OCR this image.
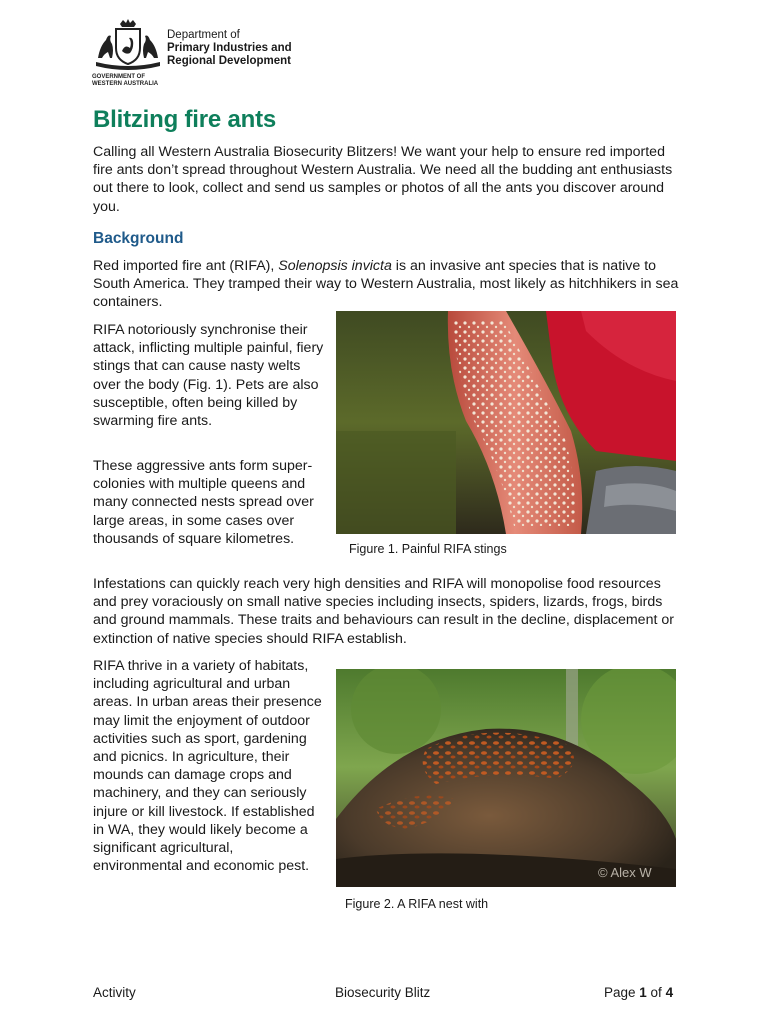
GOVERNMENT OF
WESTERN AUSTRALIA
Department of
Primary Industries and
Regional Development
Blitzing fire ants

Calling all Western Australia Biosecurity Blitzers! We want your help to ensure red imported fire ants don’t spread throughout Western Australia. We need all the budding ant enthusiasts out there to look, collect and send us samples or photos of all the ants you discover around you.

Background

Red imported fire ant (RIFA), Solenopsis invicta is an invasive ant species that is native to South America. They tramped their way to Western Australia, most likely as hitchhikers in sea containers.

RIFA notoriously synchronise their attack, inflicting multiple painful, fiery stings that can cause nasty welts over the body (Fig. 1). Pets are also susceptible, often being killed by swarming fire ants.

These aggressive ants form super-colonies with multiple queens and many connected nests spread over large areas, in some cases over thousands of square kilometres.

Figure 1. Painful RIFA stings

Infestations can quickly reach very high densities and RIFA will monopolise food resources and prey voraciously on small native species including insects, spiders, lizards, frogs, birds and ground mammals. These traits and behaviours can result in the decline, displacement or extinction of native species should RIFA establish.

RIFA thrive in a variety of habitats, including agricultural and urban areas. In urban areas their presence may limit the enjoyment of outdoor activities such as sport, gardening and picnics. In agriculture, their mounds can damage crops and machinery, and they can seriously injure or kill livestock. If established in WA, they would likely become a significant agricultural, environmental and economic pest.	© Alex W
Figure 2. A RIFA nest with
Activity	Biosecurity Blitz	Page 1 of 4
